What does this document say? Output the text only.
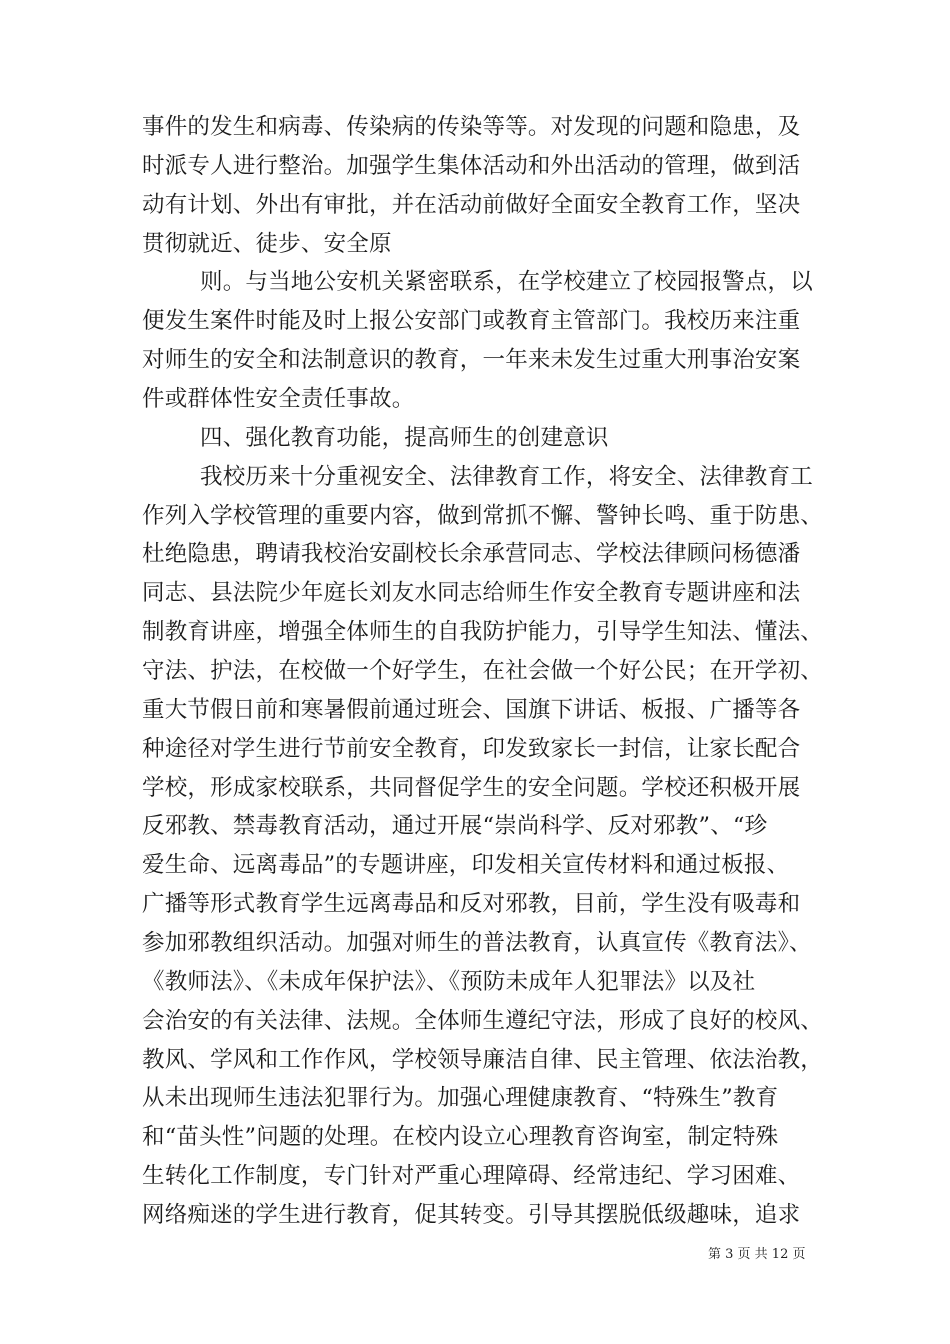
事件的发生和病毒、传染病的传染等等。对发现的问题和隐患，及
时派专人进行整治。加强学生集体活动和外出活动的管理，做到活
动有计划、外出有审批，并在活动前做好全面安全教育工作，坚决
贯彻就近、徒步、安全原
则。与当地公安机关紧密联系，在学校建立了校园报警点，以
便发生案件时能及时上报公安部门或教育主管部门。我校历来注重
对师生的安全和法制意识的教育，一年来未发生过重大刑事治安案
件或群体性安全责任事故。
四、强化教育功能，提高师生的创建意识
我校历来十分重视安全、法律教育工作，将安全、法律教育工
作列入学校管理的重要内容，做到常抓不懈、警钟长鸣、重于防患、
杜绝隐患，聘请我校治安副校长余承营同志、学校法律顾问杨德潘
同志、县法院少年庭长刘友水同志给师生作安全教育专题讲座和法
制教育讲座，增强全体师生的自我防护能力，引导学生知法、懂法、
守法、护法，在校做一个好学生，在社会做一个好公民；在开学初、
重大节假日前和寒暑假前通过班会、国旗下讲话、板报、广播等各
种途径对学生进行节前安全教育，印发致家长一封信，让家长配合
学校，形成家校联系，共同督促学生的安全问题。学校还积极开展
反邪教、禁毒教育活动，通过开展“崇尚科学、反对邪教”、“珍
爱生命、远离毒品”的专题讲座，印发相关宣传材料和通过板报、
广播等形式教育学生远离毒品和反对邪教，目前，学生没有吸毒和
参加邪教组织活动。加强对师生的普法教育，认真宣传《教育法》、
《教师法》、《未成年保护法》、《预防未成年人犯罪法》以及社
会治安的有关法律、法规。全体师生遵纪守法，形成了良好的校风、
教风、学风和工作作风，学校领导廉洁自律、民主管理、依法治教，
从未出现师生违法犯罪行为。加强心理健康教育、“特殊生”教育
和“苗头性”问题的处理。在校内设立心理教育咨询室，制定特殊
生转化工作制度，专门针对严重心理障碍、经常违纪、学习困难、
网络痴迷的学生进行教育，促其转变。引导其摆脱低级趣味，追求
第 3 页 共 12 页
